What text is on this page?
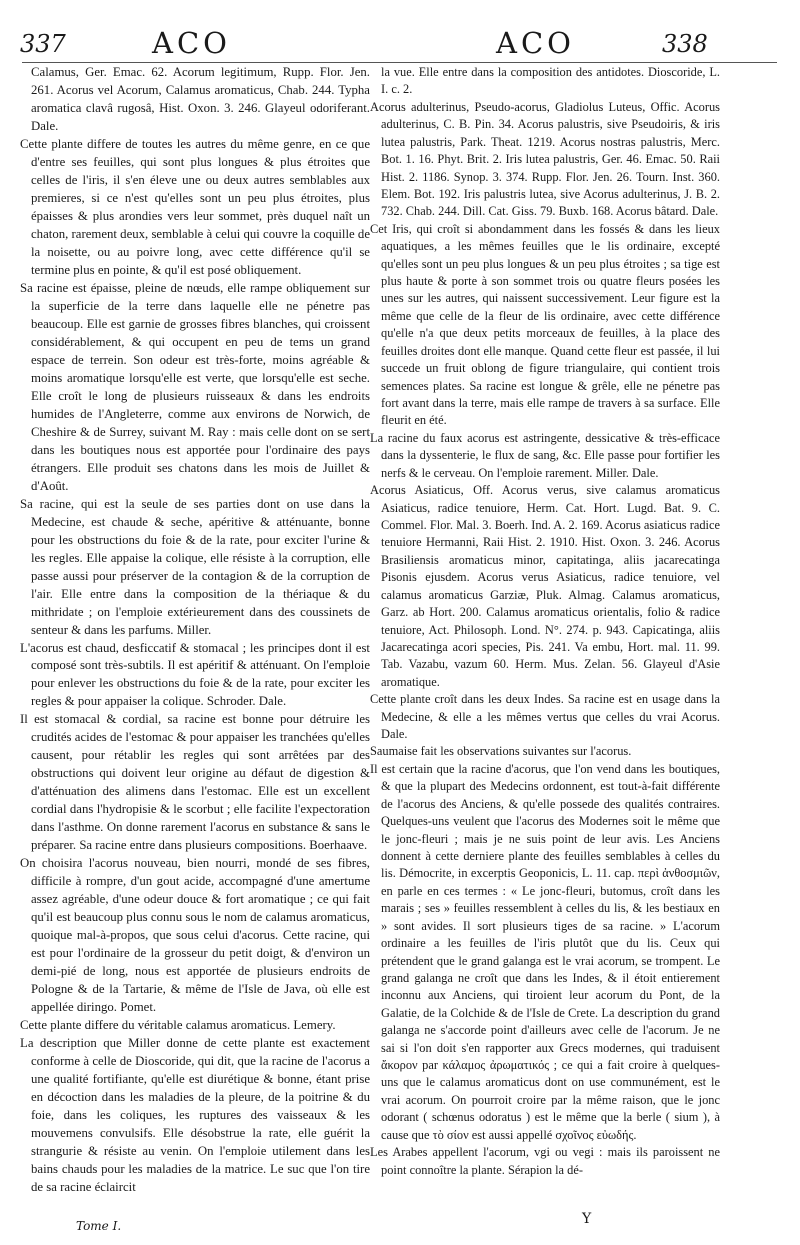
337	ACO	ACO	338

Calamus, Ger. Emac. 62. Acorum legitimum, Rupp. Flor. Jen. 261. Acorus vel Acorum, Calamus aromaticus, Chab. 244. Typha aromatica clavâ rugosâ, Hist. Oxon. 3. 246. Glayeul odoriferant. Dale.

Cette plante differe de toutes les autres du même genre, en ce que d'entre ses feuilles, qui sont plus longues & plus étroites que celles de l'iris, il s'en éleve une ou deux autres semblables aux premieres, si ce n'est qu'elles sont un peu plus étroites, plus épaisses & plus arondies vers leur sommet, près duquel naît un chaton, rarement deux, semblable à celui qui couvre la coquille de la noisette, ou au poivre long, avec cette différence qu'il se termine plus en pointe, & qu'il est posé obliquement.

Sa racine est épaisse, pleine de nœuds, elle rampe obliquement sur la superficie de la terre dans laquelle elle ne pénetre pas beaucoup. Elle est garnie de grosses fibres blanches, qui croissent considérablement, & qui occupent en peu de tems un grand espace de terrein. Son odeur est très-forte, moins agréable & moins aromatique lorsqu'elle est verte, que lorsqu'elle est seche. Elle croît le long de plusieurs ruisseaux & dans les endroits humides de l'Angleterre, comme aux environs de Norwich, de Cheshire & de Surrey, suivant M. Ray : mais celle dont on se sert dans les boutiques nous est apportée pour l'ordinaire des pays étrangers. Elle produit ses chatons dans les mois de Juillet & d'Août.

Sa racine, qui est la seule de ses parties dont on use dans la Medecine, est chaude & seche, apéritive & atténuante, bonne pour les obstructions du foie & de la rate, pour exciter l'urine & les regles. Elle appaise la colique, elle résiste à la corruption, elle passe aussi pour préserver de la contagion & de la corruption de l'air. Elle entre dans la composition de la thériaque & du mithridate ; on l'emploie extérieurement dans des coussinets de senteur & dans les parfums. Miller.

L'acorus est chaud, desficcatif & stomacal ; les principes dont il est composé sont très-subtils. Il est apéritif & atténuant. On l'emploie pour enlever les obstructions du foie & de la rate, pour exciter les regles & pour appaiser la colique. Schroder. Dale.

Il est stomacal & cordial, sa racine est bonne pour détruire les crudités acides de l'estomac & pour appaiser les tranchées qu'elles causent, pour rétablir les regles qui sont arrêtées par des obstructions qui doivent leur origine au défaut de digestion & d'atténuation des alimens dans l'estomac. Elle est un excellent cordial dans l'hydropisie & le scorbut ; elle facilite l'expectoration dans l'asthme. On donne rarement l'acorus en substance & sans le préparer. Sa racine entre dans plusieurs compositions. Boerhaave.

On choisira l'acorus nouveau, bien nourri, mondé de ses fibres, difficile à rompre, d'un gout acide, accompagné d'une amertume assez agréable, d'une odeur douce & fort aromatique ; ce qui fait qu'il est beaucoup plus connu sous le nom de calamus aromaticus, quoique mal-à-propos, que sous celui d'acorus. Cette racine, qui est pour l'ordinaire de la grosseur du petit doigt, & d'environ un demi-pié de long, nous est apportée de plusieurs endroits de Pologne & de la Tartarie, & même de l'Isle de Java, où elle est appellée diringo. Pomet.

Cette plante differe du véritable calamus aromaticus. Lemery.

La description que Miller donne de cette plante est exactement conforme à celle de Dioscoride, qui dit, que la racine de l'acorus a une qualité fortifiante, qu'elle est diurétique & bonne, étant prise en décoction dans les maladies de la pleure, de la poitrine & du foie, dans les coliques, les ruptures des vaisseaux & les mouvemens convulsifs. Elle désobstrue la rate, elle guérit la strangurie & résiste au venin. On l'emploie utilement dans les bains chauds pour les maladies de la matrice. Le suc que l'on tire de sa racine éclaircit

la vue. Elle entre dans la composition des antidotes. Dioscoride, L. I. c. 2.

Acorus adulterinus, Pseudo-acorus, Gladiolus Luteus, Offic. Acorus adulterinus, C. B. Pin. 34. Acorus palustris, sive Pseudoiris, & iris lutea palustris, Park. Theat. 1219. Acorus nostras palustris, Merc. Bot. 1. 16. Phyt. Brit. 2. Iris lutea palustris, Ger. 46. Emac. 50. Raii Hist. 2. 1186. Synop. 3. 374. Rupp. Flor. Jen. 26. Tourn. Inst. 360. Elem. Bot. 192. Iris palustris lutea, sive Acorus adulterinus, J. B. 2. 732. Chab. 244. Dill. Cat. Giss. 79. Buxb. 168. Acorus bâtard. Dale.

Cet Iris, qui croît si abondamment dans les fossés & dans les lieux aquatiques, a les mêmes feuilles que le lis ordinaire, excepté qu'elles sont un peu plus longues & un peu plus étroites ; sa tige est plus haute & porte à son sommet trois ou quatre fleurs posées les unes sur les autres, qui naissent successivement. Leur figure est la même que celle de la fleur de lis ordinaire, avec cette différence qu'elle n'a que deux petits morceaux de feuilles, à la place des feuilles droites dont elle manque. Quand cette fleur est passée, il lui succede un fruit oblong de figure triangulaire, qui contient trois semences plates. Sa racine est longue & grêle, elle ne pénetre pas fort avant dans la terre, mais elle rampe de travers à sa surface. Elle fleurit en été.

La racine du faux acorus est astringente, dessicative & très-efficace dans la dyssenterie, le flux de sang, &c. Elle passe pour fortifier les nerfs & le cerveau. On l'emploie rarement. Miller. Dale.

Acorus Asiaticus, Off. Acorus verus, sive calamus aromaticus Asiaticus, radice tenuiore, Herm. Cat. Hort. Lugd. Bat. 9. C. Commel. Flor. Mal. 3. Boerh. Ind. A. 2. 169. Acorus asiaticus radice tenuiore Hermanni, Raii Hist. 2. 1910. Hist. Oxon. 3. 246. Acorus Brasiliensis aromaticus minor, capitatinga, aliis jacarecatinga Pisonis ejusdem. Acorus verus Asiaticus, radice tenuiore, vel calamus aromaticus Garziæ, Pluk. Almag. Calamus aromaticus, Garz. ab Hort. 200. Calamus aromaticus orientalis, folio & radice tenuiore, Act. Philosoph. Lond. N°. 274. p. 943. Capicatinga, aliis Jacarecatinga acori species, Pis. 241. Va embu, Hort. mal. 11. 99. Tab. Vazabu, vazum 60. Herm. Mus. Zelan. 56. Glayeul d'Asie aromatique.

Cette plante croît dans les deux Indes. Sa racine est en usage dans la Medecine, & elle a les mêmes vertus que celles du vrai Acorus. Dale.

Saumaise fait les observations suivantes sur l'acorus.

Il est certain que la racine d'acorus, que l'on vend dans les boutiques, & que la plupart des Medecins ordonnent, est tout-à-fait différente de l'acorus des Anciens, & qu'elle possede des qualités contraires. Quelques-uns veulent que l'acorus des Modernes soit le même que le jonc-fleuri ; mais je ne suis point de leur avis. Les Anciens donnent à cette derniere plante des feuilles semblables à celles du lis. Démocrite, in excerptis Geoponicis, L. 11. cap. περὶ ἀνθοσμιῶν, en parle en ces termes : « Le jonc-fleuri, butomus, croît dans les marais ; ses » feuilles ressemblent à celles du lis, & les bestiaux en » sont avides. Il sort plusieurs tiges de sa racine. » L'acorum ordinaire a les feuilles de l'iris plutôt que du lis. Ceux qui prétendent que le grand galanga est le vrai acorum, se trompent. Le grand galanga ne croît que dans les Indes, & il étoit entierement inconnu aux Anciens, qui tiroient leur acorum du Pont, de la Galatie, de la Colchide & de l'Isle de Crete. La description du grand galanga ne s'accorde point d'ailleurs avec celle de l'acorum. Je ne sai si l'on doit s'en rapporter aux Grecs modernes, qui traduisent ἄκορον par κάλαμος ἀρωματικός ; ce qui a fait croire à quelques-uns que le calamus aromaticus dont on use communément, est le vrai acorum. On pourroit croire par la même raison, que le jonc odorant ( schœnus odoratus ) est le même que la berle ( sium ), à cause que τὸ σίον est aussi appellé σχοῖνος εὐωδής.

Les Arabes appellent l'acorum, vgi ou vegi : mais ils paroissent ne point connoître la plante. Sérapion la dé-

Tome I.	Y
